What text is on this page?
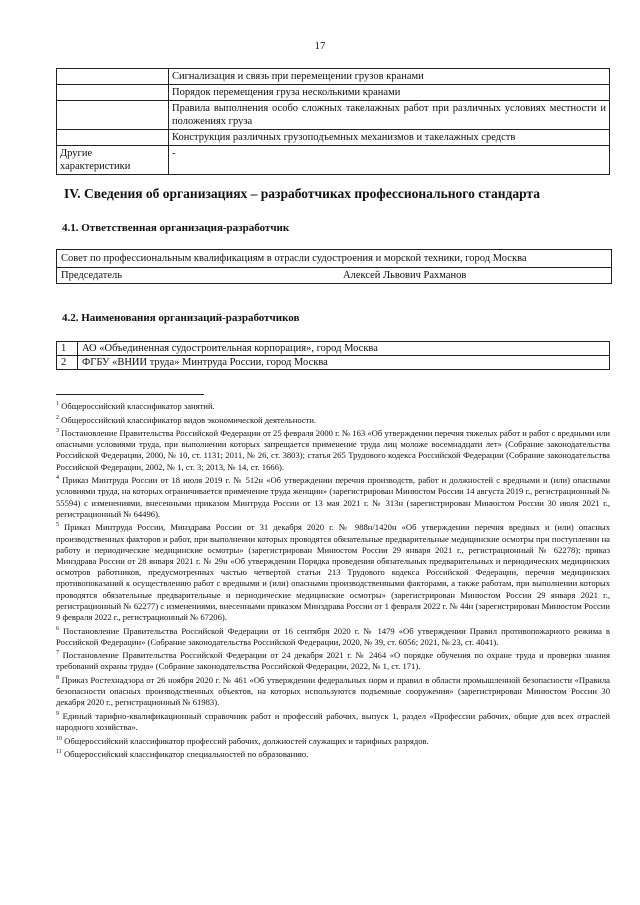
17
	Сигнализация и связь при перемещении грузов кранами
	Порядок перемещения груза несколькими кранами
	Правила выполнения особо сложных такелажных работ при различных условиях местности и положениях груза
	Конструкция различных грузоподъемных механизмов и такелажных средств
Другие характеристики	-
IV. Сведения об организациях – разработчиках профессионального стандарта
4.1. Ответственная организация-разработчик
Совет по профессиональным квалификациям в отрасли судостроения и морской техники, город Москва
Председатель	Алексей Львович Рахманов
4.2. Наименования организаций-разработчиков
1	АО «Объединенная судостроительная корпорация», город Москва
2	ФГБУ «ВНИИ труда» Минтруда России, город Москва
$^1$ Общероссийский классификатор занятий.
$^2$ Общероссийский классификатор видов экономической деятельности.
$^3$ Постановление Правительства Российской Федерации от 25 февраля 2000 г. № 163 «Об утверждении перечня тяжелых работ и работ с вредными или опасными условиями труда, при выполнении которых запрещается применение труда лиц моложе восемнадцати лет» (Собрание законодательства Российской Федерации, 2000, № 10, ст. 1131; 2011, № 26, ст. 3803); статья 265 Трудового кодекса Российской Федерации (Собрание законодательства Российской Федерации, 2002, № 1, ст. 3; 2013, № 14, ст. 1666).
$^4$ Приказ Минтруда России от 18 июля 2019 г. № 512н «Об утверждении перечня производств, работ и должностей с вредными и (или) опасными условиями труда, на которых ограничивается применение труда женщин» (зарегистрирован Минюстом России 14 августа 2019 г., регистрационный № 55594) с изменениями, внесенными приказом Минтруда России от 13 мая 2021 г. № 313н (зарегистрирован Минюстом России 30 июля 2021 г., регистрационный № 64496).
$^5$ Приказ Минтруда России, Минздрава России от 31 декабря 2020 г. № 988н/1420н «Об утверждении перечня вредных и (или) опасных производственных факторов и работ, при выполнении которых проводятся обязательные предварительные медицинские осмотры при поступлении на работу и периодические медицинские осмотры» (зарегистрирован Минюстом России 29 января 2021 г., регистрационный № 62278); приказ Минздрава России от 28 января 2021 г. № 29н «Об утверждении Порядка проведения обязательных предварительных и периодических медицинских осмотров работников, предусмотренных частью четвертой статьи 213 Трудового кодекса Российской Федерации, перечня медицинских противопоказаний к осуществлению работ с вредными и (или) опасными производственными факторами, а также работам, при выполнении которых проводятся обязательные предварительные и периодические медицинские осмотры» (зарегистрирован Минюстом России 29 января 2021 г., регистрационный № 62277) с изменениями, внесенными приказом Минздрава России от 1 февраля 2022 г. № 44н (зарегистрирован Минюстом России 9 февраля 2022 г., регистрационный № 67206).
$^6$ Постановление Правительства Российской Федерации от 16 сентября 2020 г. № 1479 «Об утверждении Правил противопожарного режима в Российской Федерации» (Собрание законодательства Российской Федерации, 2020, № 39, ст. 6056; 2021, № 23, ст. 4041).
$^7$ Постановление Правительства Российской Федерации от 24 декабря 2021 г. № 2464 «О порядке обучения по охране труда и проверки знания требований охраны труда» (Собрание законодательства Российской Федерации, 2022, № 1, ст. 171).
$^8$ Приказ Ростехнадзора от 26 ноября 2020 г. № 461 «Об утверждении федеральных норм и правил в области промышленной безопасности «Правила безопасности опасных производственных объектов, на которых используются подъемные сооружения» (зарегистрирован Минюстом России 30 декабря 2020 г., регистрационный № 61983).
$^9$ Единый тарифно-квалификационный справочник работ и профессий рабочих, выпуск 1, раздел «Профессии рабочих, общие для всех отраслей народного хозяйства».
$^{10}$ Общероссийский классификатор профессий рабочих, должностей служащих и тарифных разрядов.
$^{11}$ Общероссийский классификатор специальностей по образованию.
